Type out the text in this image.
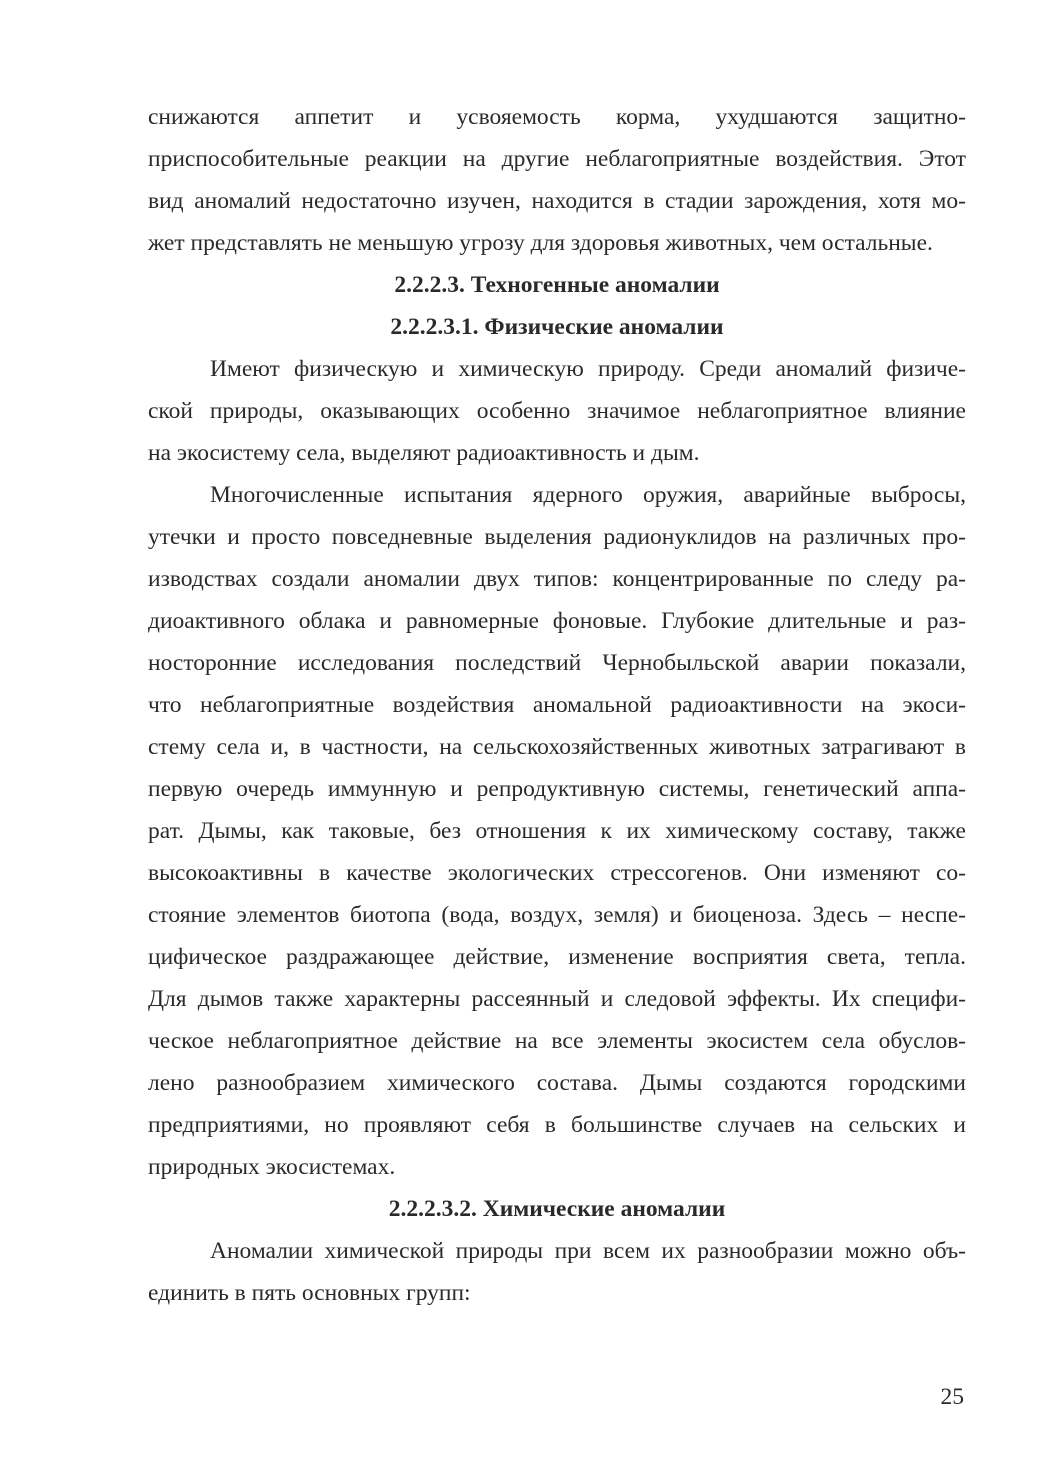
снижаются аппетит и усвояемость корма, ухудшаются защитно-
приспособительные реакции на другие неблагоприятные воздействия. Этот
вид аномалий недостаточно изучен, находится в стадии зарождения, хотя мо-
жет представлять не меньшую угрозу для здоровья животных, чем остальные.
2.2.2.3. Техногенные аномалии
2.2.2.3.1. Физические аномалии
Имеют физическую и химическую природу. Среди аномалий физиче-
ской природы, оказывающих особенно значимое неблагоприятное влияние
на экосистему села, выделяют радиоактивность и дым.
Многочисленные испытания ядерного оружия, аварийные выбросы,
утечки и просто повседневные выделения радионуклидов на различных про-
изводствах создали аномалии двух типов: концентрированные по следу ра-
диоактивного облака и равномерные фоновые. Глубокие длительные и раз-
носторонние исследования последствий Чернобыльской аварии показали,
что неблагоприятные воздействия аномальной радиоактивности на экоси-
стему села и, в частности, на сельскохозяйственных животных затрагивают в
первую очередь иммунную и репродуктивную системы, генетический аппа-
рат. Дымы, как таковые, без отношения к их химическому составу, также
высокоактивны в качестве экологических стрессогенов. Они изменяют со-
стояние элементов биотопа (вода, воздух, земля) и биоценоза. Здесь – неспе-
цифическое раздражающее действие, изменение восприятия света, тепла.
Для дымов также характерны рассеянный и следовой эффекты. Их специфи-
ческое неблагоприятное действие на все элементы экосистем села обуслов-
лено разнообразием химического состава. Дымы создаются городскими
предприятиями, но проявляют себя в большинстве случаев на сельских и
природных экосистемах.
2.2.2.3.2. Химические аномалии
Аномалии химической природы при всем их разнообразии можно объ-
единить в пять основных групп:
25
